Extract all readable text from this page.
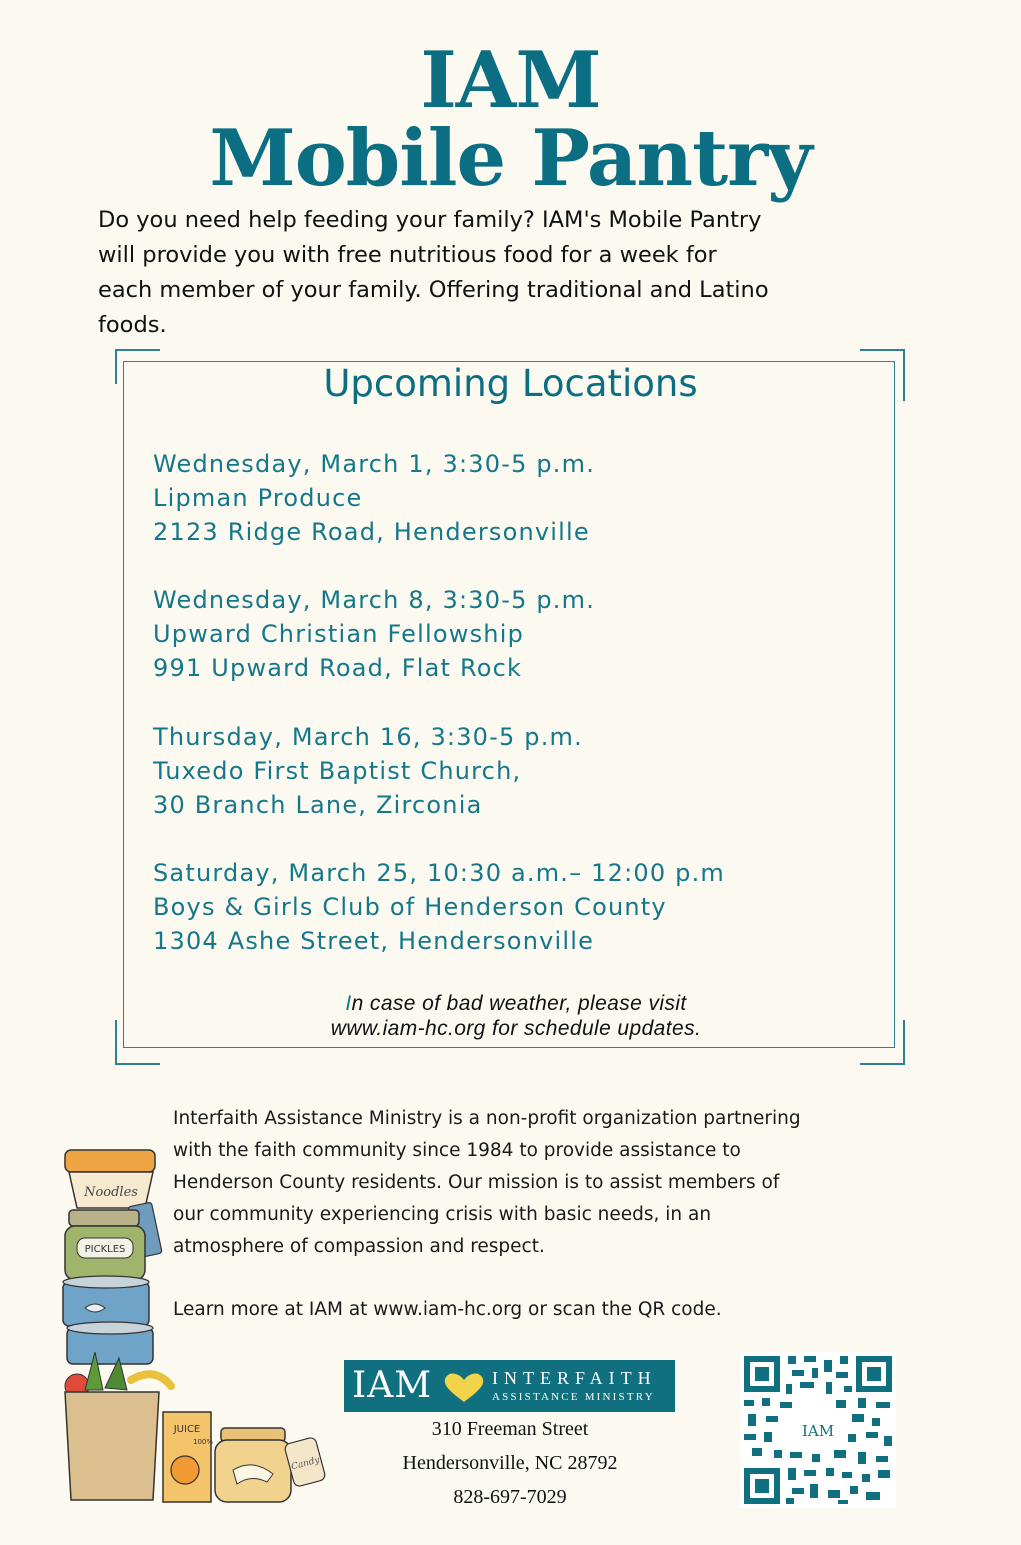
IAM
Mobile Pantry
Do you need help feeding your family? IAM's Mobile Pantry
will provide you with free nutritious food for a week for
each member of your family. Offering traditional and Latino
foods.
Upcoming Locations
Wednesday, March 1, 3:30-5 p.m.
Lipman Produce
2123 Ridge Road, Hendersonville
Wednesday, March 8, 3:30-5 p.m.
Upward Christian Fellowship
991 Upward Road, Flat Rock
Thursday, March 16, 3:30-5 p.m.
Tuxedo First Baptist Church,
30 Branch Lane, Zirconia
Saturday, March 25, 10:30 a.m.– 12:00 p.m
Boys & Girls Club of Henderson County
1304 Ashe Street, Hendersonville
In case of bad weather, please visit
www.iam-hc.org for schedule updates.
Interfaith Assistance Ministry is a non-profit organization partnering
with the faith community since 1984 to provide assistance to
Henderson County residents. Our mission is to assist members of
our community experiencing crisis with basic needs, in an
atmosphere of compassion and respect.
Learn more at IAM at www.iam-hc.org or scan the QR code.
IAM	INTERFAITH
ASSISTANCE MINISTRY
310 Freeman Street
Hendersonville, NC 28792
828-697-7029
IAM
Noodles
PICKLES
JUICE
100%
Candy
